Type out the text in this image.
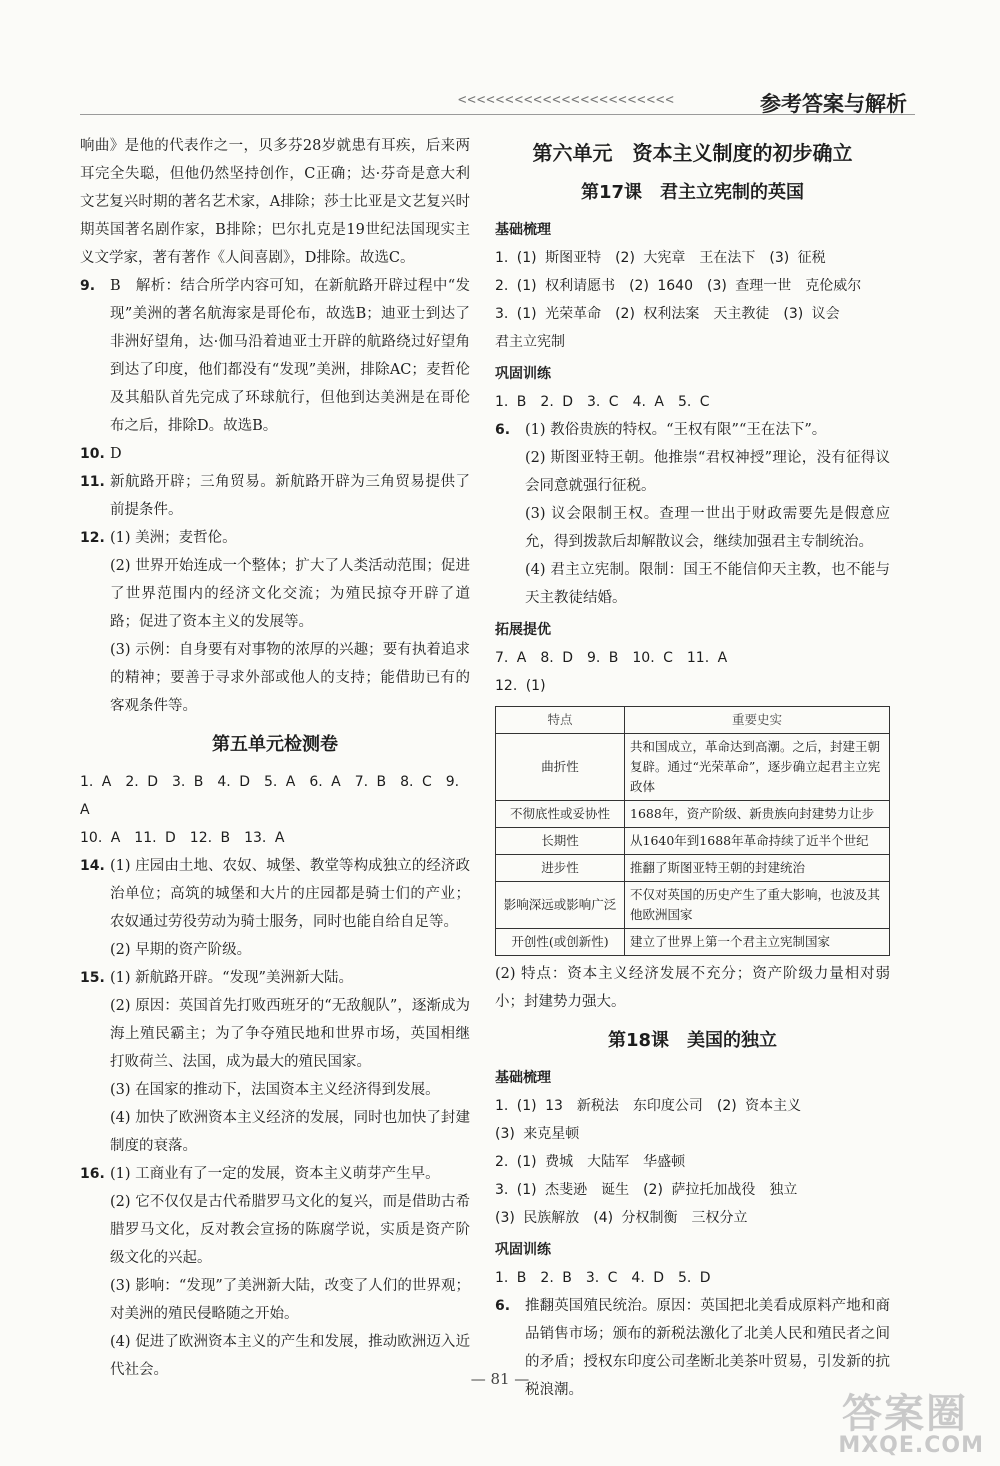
<<<<<<<<<<<<<<<<<<<<<<<	参考答案与解析

响曲》是他的代表作之一，贝多芬28岁就患有耳疾，后来两耳完全失聪，但他仍然坚持创作，C正确；达·芬奇是意大利文艺复兴时期的著名艺术家，A排除；莎士比亚是文艺复兴时期英国著名剧作家，B排除；巴尔扎克是19世纪法国现实主义文学家，著有著作《人间喜剧》，D排除。故选C。

9.	B　解析：结合所学内容可知，在新航路开辟过程中“发现”美洲的著名航海家是哥伦布，故选B；迪亚士到达了非洲好望角，达·伽马沿着迪亚士开辟的航路绕过好望角到达了印度，他们都没有“发现”美洲，排除AC；麦哲伦及其船队首先完成了环球航行，但他到达美洲是在哥伦布之后，排除D。故选B。
10. D
11. 新航路开辟；三角贸易。新航路开辟为三角贸易提供了前提条件。
12. (1) 美洲；麦哲伦。

(2) 世界开始连成一个整体；扩大了人类活动范围；促进了世界范围内的经济文化交流；为殖民掠夺开辟了道路；促进了资本主义的发展等。

(3) 示例：自身要有对事物的浓厚的兴趣；要有执着追求的精神；要善于寻求外部或他人的支持；能借助已有的客观条件等。

第五单元检测卷

1. A　2. D　3. B　4. D　5. A　6. A　7. B　8. C　9. A

10. A　11. D　12. B　13. A

14. (1) 庄园由土地、农奴、城堡、教堂等构成独立的经济政治单位；高筑的城堡和大片的庄园都是骑士们的产业；农奴通过劳役劳动为骑士服务，同时也能自给自足等。

(2) 早期的资产阶级。

15. (1) 新航路开辟。“发现”美洲新大陆。

(2) 原因：英国首先打败西班牙的“无敌舰队”，逐渐成为海上殖民霸主；为了争夺殖民地和世界市场，英国相继打败荷兰、法国，成为最大的殖民国家。

(3) 在国家的推动下，法国资本主义经济得到发展。

(4) 加快了欧洲资本主义经济的发展，同时也加快了封建制度的衰落。

16. (1) 工商业有了一定的发展，资本主义萌芽产生早。

(2) 它不仅仅是古代希腊罗马文化的复兴，而是借助古希腊罗马文化，反对教会宣扬的陈腐学说，实质是资产阶级文化的兴起。

(3) 影响：“发现”了美洲新大陆，改变了人们的世界观；对美洲的殖民侵略随之开始。

(4) 促进了欧洲资本主义的产生和发展，推动欧洲迈入近代社会。

第六单元　资本主义制度的初步确立
第17课　君主立宪制的英国

基础梳理

1. (1) 斯图亚特　(2) 大宪章　王在法下　(3) 征税

2. (1) 权利请愿书　(2) 1640　(3) 查理一世　克伦威尔

3. (1) 光荣革命　(2) 权利法案　天主教徒　(3) 议会

君主立宪制

巩固训练

1. B　2. D　3. C　4. A　5. C

6.	(1) 教俗贵族的特权。“王权有限”“王在法下”。

(2) 斯图亚特王朝。他推崇“君权神授”理论，没有征得议会同意就强行征税。

(3) 议会限制王权。查理一世出于财政需要先是假意应允，得到拨款后却解散议会，继续加强君主专制统治。

(4) 君主立宪制。限制：国王不能信仰天主教，也不能与天主教徒结婚。

拓展提优

7. A　8. D　9. B　10. C　11. A

12. (1)

特点	重要史实
曲折性	共和国成立，革命达到高潮。之后，封建王朝复辟。通过“光荣革命”，逐步确立起君主立宪政体
不彻底性或妥协性	1688年，资产阶级、新贵族向封建势力让步
长期性	从1640年到1688年革命持续了近半个世纪
进步性	推翻了斯图亚特王朝的封建统治
影响深远或影响广泛	不仅对英国的历史产生了重大影响，也波及其他欧洲国家
开创性(或创新性)	建立了世界上第一个君主立宪制国家

(2) 特点：资本主义经济发展不充分；资产阶级力量相对弱小；封建势力强大。

第18课　美国的独立

基础梳理

1. (1) 13　新税法　东印度公司　(2) 资本主义

(3) 来克星顿

2. (1) 费城　大陆军　华盛顿

3. (1) 杰斐逊　诞生　(2) 萨拉托加战役　独立

(3) 民族解放　(4) 分权制衡　三权分立

巩固训练

1. B　2. B　3. C　4. D　5. D

6.	推翻英国殖民统治。原因：英国把北美看成原料产地和商品销售市场；颁布的新税法激化了北美人民和殖民者之间的矛盾；授权东印度公司垄断北美茶叶贸易，引发新的抗税浪潮。
— 81 —
答案圈
MXQE.COM
